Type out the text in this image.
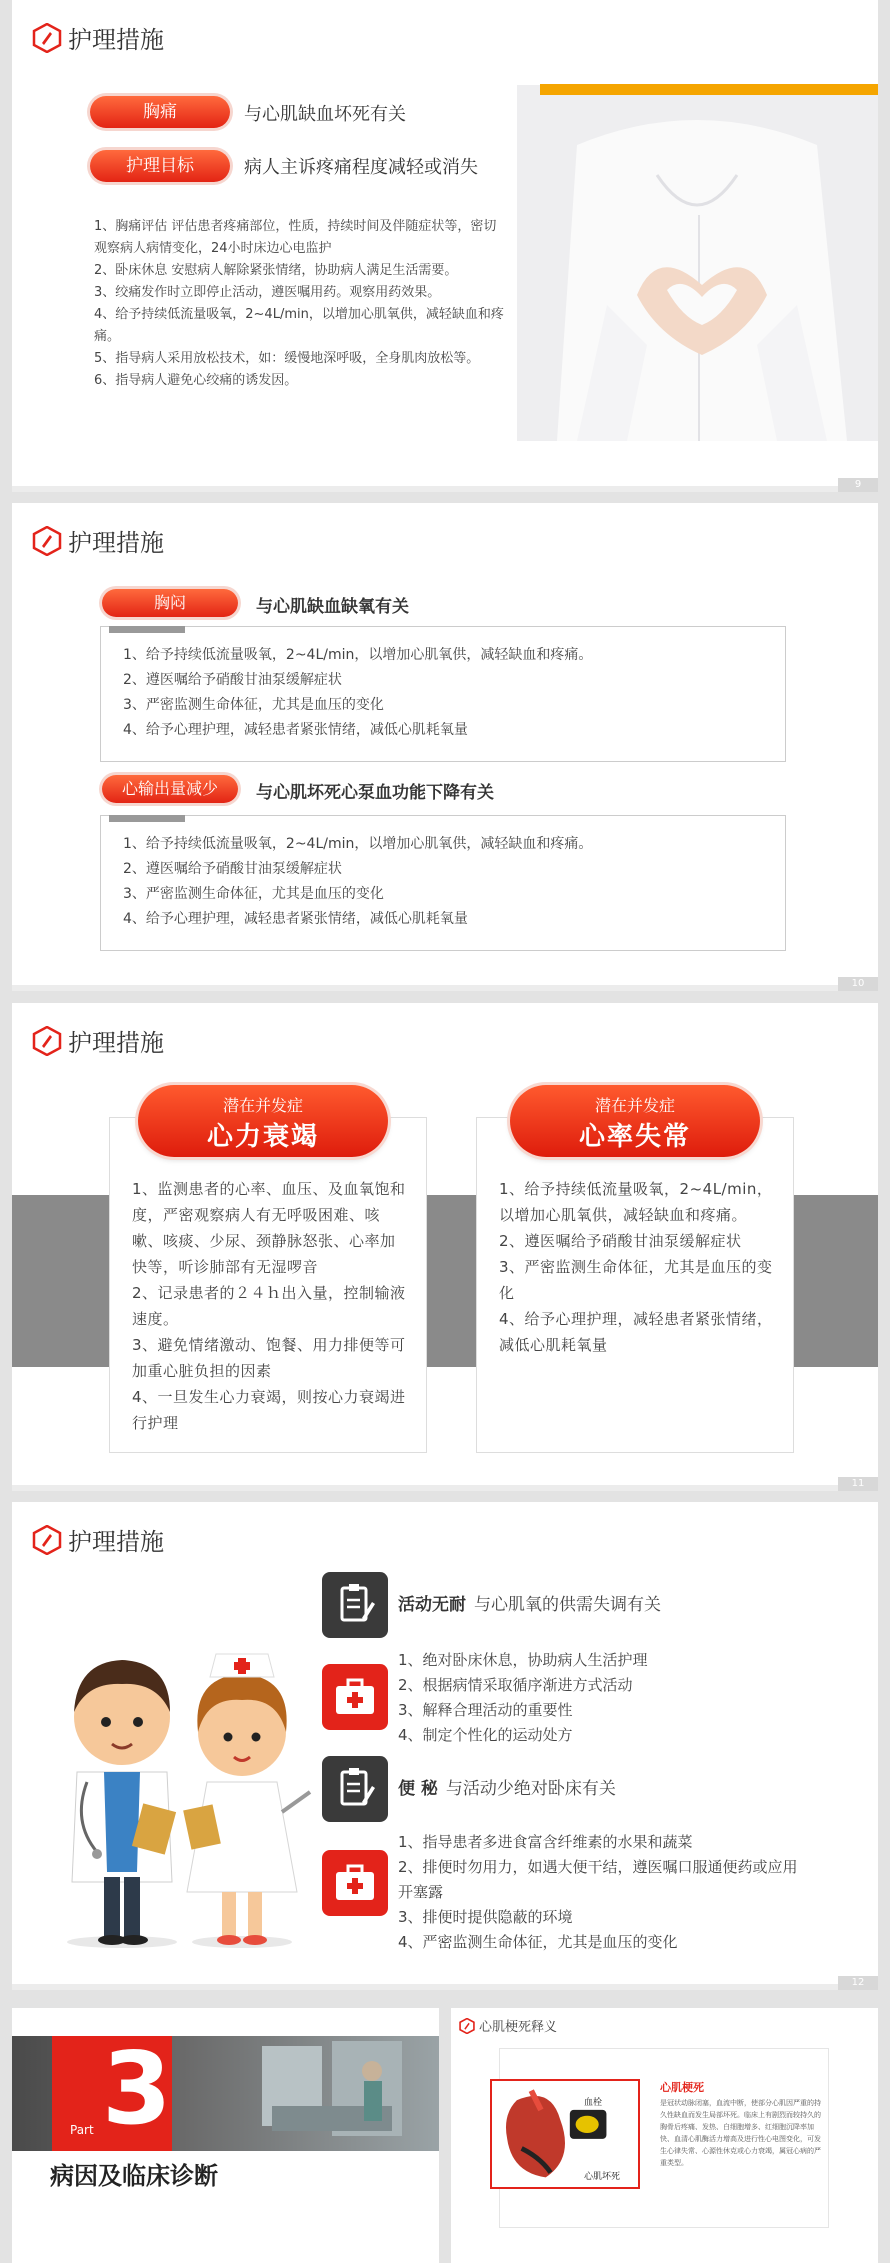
护理措施
胸痛	与心肌缺血坏死有关
护理目标	病人主诉疼痛程度减轻或消失

1、胸痛评估 评估患者疼痛部位，性质，持续时间及伴随症状等，密切观察病人病情变化，24小时床边心电监护

2、卧床休息 安慰病人解除紧张情绪，协助病人满足生活需要。

3、绞痛发作时立即停止活动，遵医嘱用药。观察用药效果。

4、给予持续低流量吸氧，2~4L/min，以增加心肌氧供，减轻缺血和疼痛。

5、指导病人采用放松技术，如：缓慢地深呼吸，全身肌肉放松等。

6、指导病人避免心绞痛的诱发因。

9
护理措施
胸闷	与心肌缺血缺氧有关

1、给予持续低流量吸氧，2~4L/min，以增加心肌氧供，减轻缺血和疼痛。

2、遵医嘱给予硝酸甘油泵缓解症状

3、严密监测生命体征，尤其是血压的变化

4、给予心理护理，减轻患者紧张情绪，减低心肌耗氧量

心输出量减少	与心肌坏死心泵血功能下降有关

1、给予持续低流量吸氧，2~4L/min，以增加心肌氧供，减轻缺血和疼痛。

2、遵医嘱给予硝酸甘油泵缓解症状

3、严密监测生命体征，尤其是血压的变化

4、给予心理护理，减轻患者紧张情绪，减低心肌耗氧量

10
护理措施

1、监测患者的心率、血压、及血氧饱和度，严密观察病人有无呼吸困难、咳嗽、咳痰、少尿、颈静脉怒张、心率加快等，听诊肺部有无湿啰音

2、记录患者的２４ｈ出入量，控制输液速度。

3、避免情绪激动、饱餐、用力排便等可加重心脏负担的因素

4、一旦发生心力衰竭，则按心力衰竭进行护理

潜在并发症
心力衰竭

1、给予持续低流量吸氧，2~4L/min，以增加心肌氧供，减轻缺血和疼痛。

2、遵医嘱给予硝酸甘油泵缓解症状

3、严密监测生命体征，尤其是血压的变化

4、给予心理护理，减轻患者紧张情绪，减低心肌耗氧量

潜在并发症
心率失常
11
护理措施
活动无耐 与心肌氧的供需失调有关

1、绝对卧床休息，协助病人生活护理

2、根据病情采取循序渐进方式活动

3、解释合理活动的重要性

4、制定个性化的运动处方

便 秘 与活动少绝对卧床有关

1、指导患者多进食富含纤维素的水果和蔬菜

2、排便时勿用力，如遇大便干结，遵医嘱口服通便药或应用开塞露

3、排便时提供隐蔽的环境

4、严密监测生命体征，尤其是血压的变化

12
Part 3
病因及临床诊断
心肌梗死释义
血栓
心肌坏死
心肌梗死
是冠状动脉闭塞，血流中断，使部分心肌因严重的持久性缺血而发生局部坏死。临床上有剧烈而较持久的胸骨后疼痛、发热、白细胞增多、红细胞沉降率加快、血清心肌酶活力增高及进行性心电图变化，可发生心律失常、心源性休克或心力衰竭，属冠心病的严重类型。
